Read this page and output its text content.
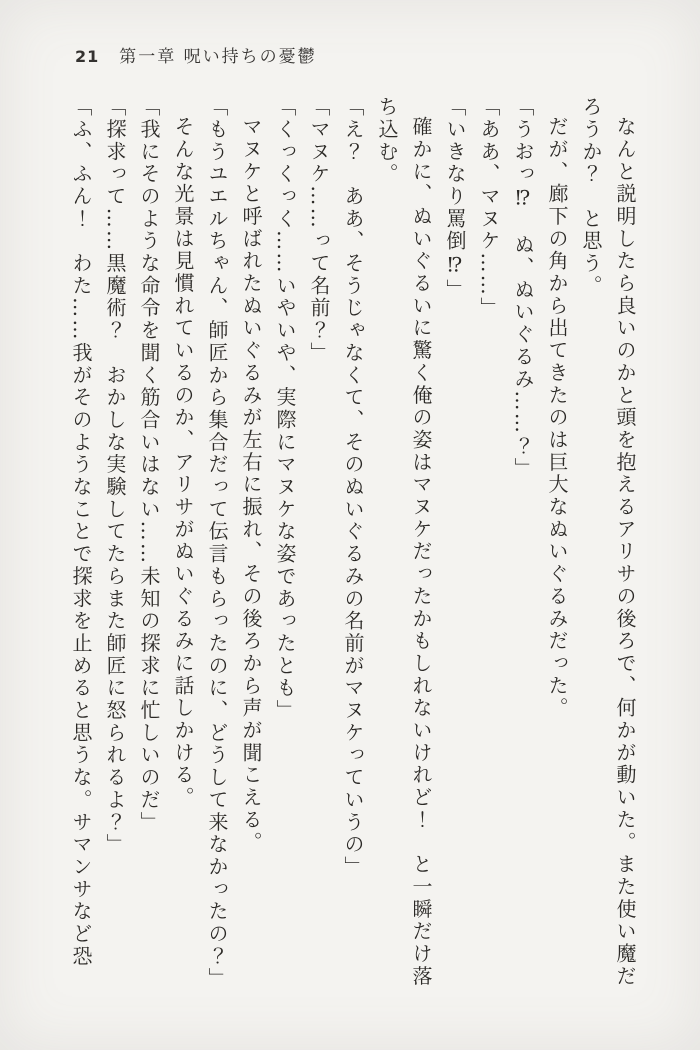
21 第一章 呪い持ちの憂鬱

なんと説明したら良いのかと頭を抱えるアリサの後ろで、何かが動いた。また使い魔だろうか？　と思う。

だが、廊下の角から出てきたのは巨大なぬいぐるみだった。

「うおっ⁉　ぬ、ぬいぐるみ……？」

「ああ、マヌケ……」

「いきなり罵倒⁉」

確かに、ぬいぐるいに驚く俺の姿はマヌケだったかもしれないけれど！　と一瞬だけ落ち込む。

「え？　ああ、そうじゃなくて、そのぬいぐるみの名前がマヌケっていうの」

「マヌケ……って名前？」

「くっくっく……いやいや、実際にマヌケな姿であったとも」

マヌケと呼ばれたぬいぐるみが左右に振れ、その後ろから声が聞こえる。

「もうユエルちゃん、師匠から集合だって伝言もらったのに、どうして来なかったの？」

そんな光景は見慣れているのか、アリサがぬいぐるみに話しかける。

「我にそのような命令を聞く筋合いはない……未知の探求に忙しいのだ」

「探求って……黒魔術？　おかしな実験してたらまた師匠に怒られるよ？」

「ふ、ふん！　わた……我がそのようなことで探求を止めると思うな。サマンサなど恐
